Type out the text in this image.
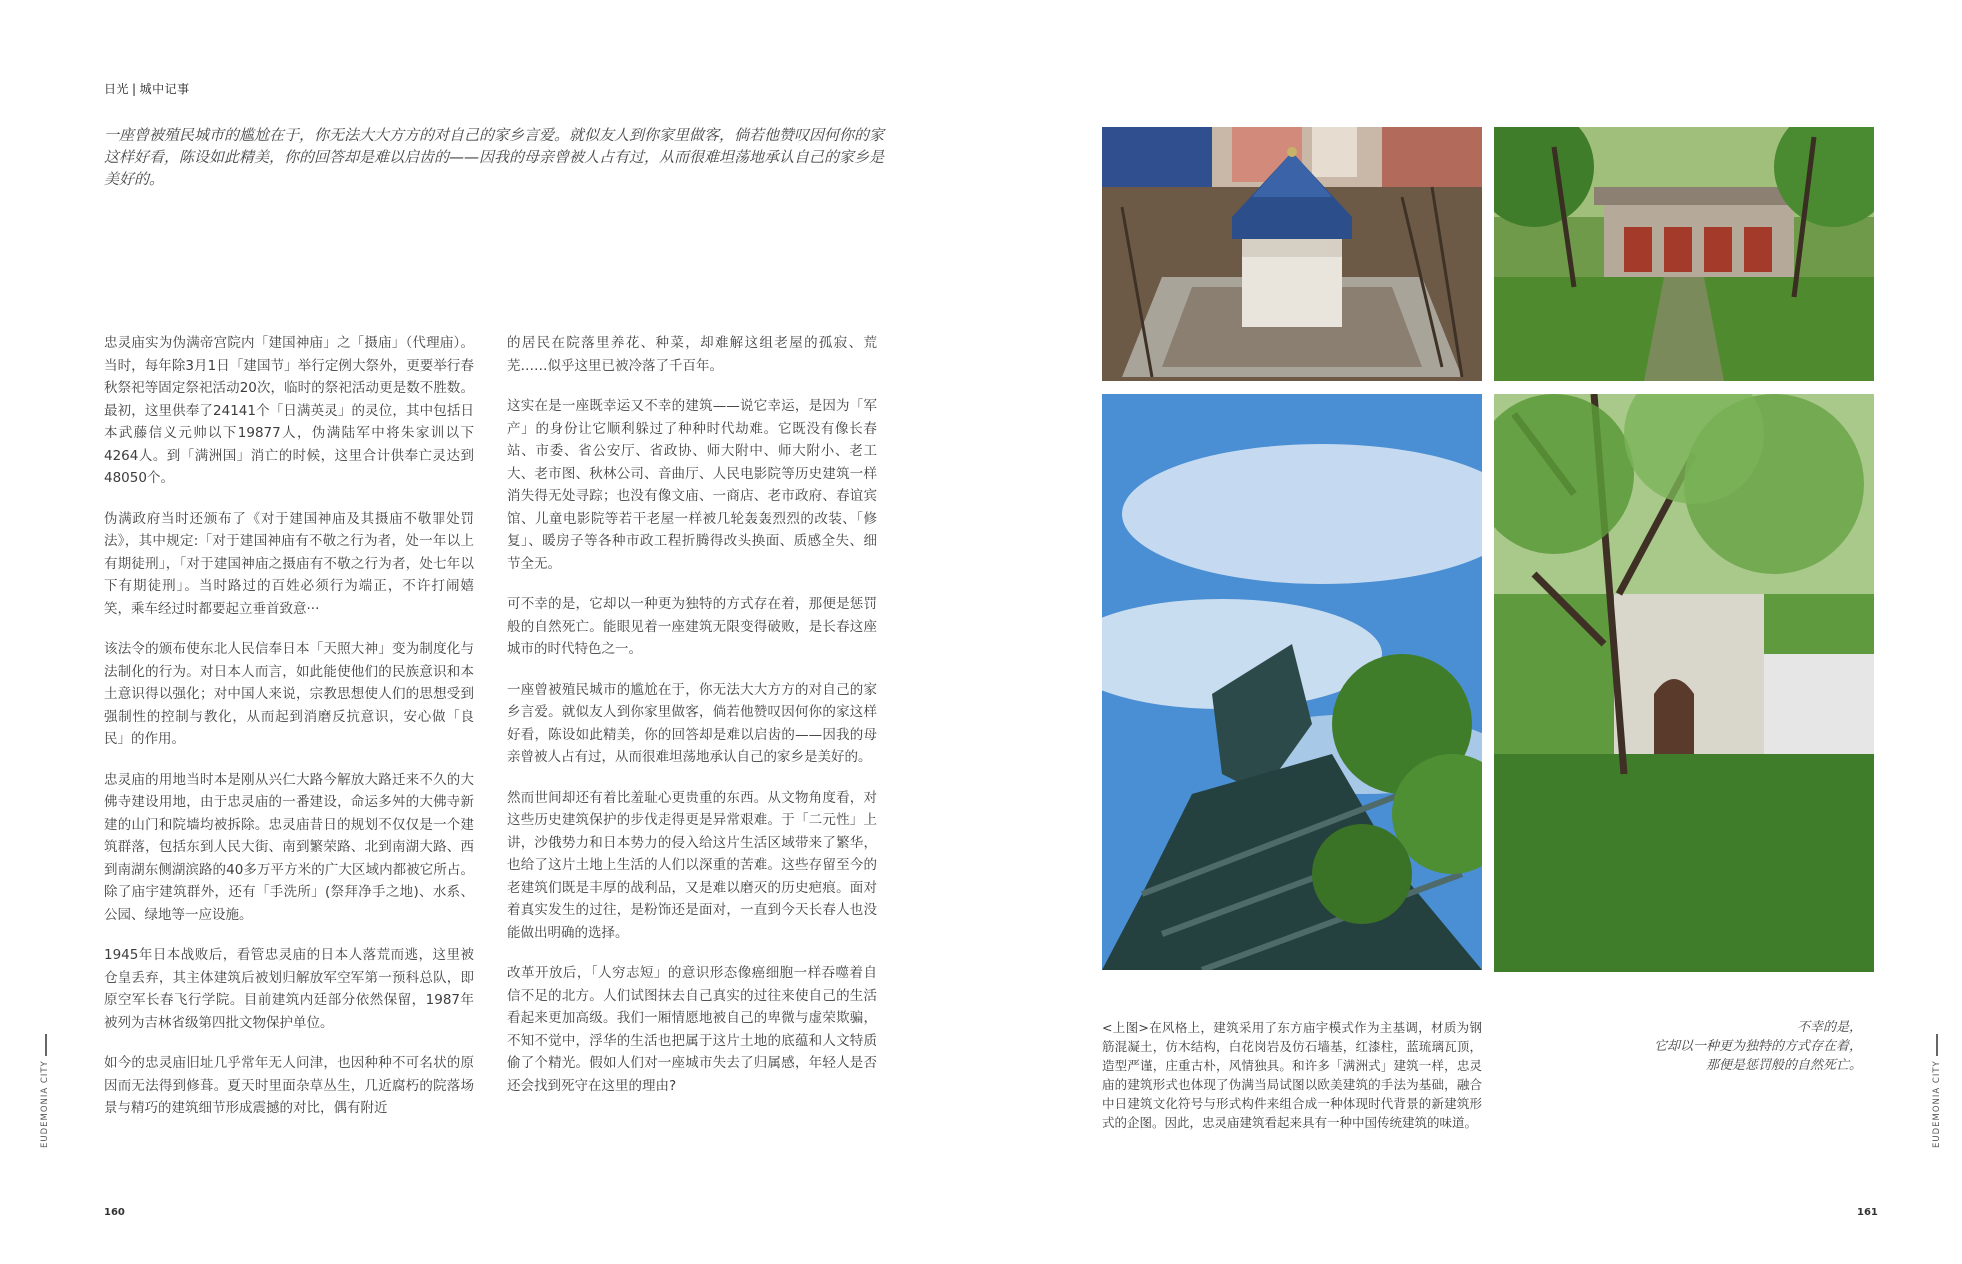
日光 | 城中记事

一座曾被殖民城市的尴尬在于，你无法大大方方的对自己的家乡言爱。就似友人到你家里做客，倘若他赞叹因何你的家这样好看，陈设如此精美，你的回答却是难以启齿的——因我的母亲曾被人占有过，从而很难坦荡地承认自己的家乡是美好的。

忠灵庙实为伪满帝宫院内「建国神庙」之「摄庙」（代理庙）。当时，每年除3月1日「建国节」举行定例大祭外，更要举行春秋祭祀等固定祭祀活动20次，临时的祭祀活动更是数不胜数。最初，这里供奉了24141个「日满英灵」的灵位，其中包括日本武藤信义元帅以下19877人，伪满陆军中将朱家训以下4264人。到「满洲国」消亡的时候，这里合计供奉亡灵达到48050个。

伪满政府当时还颁布了《对于建国神庙及其摄庙不敬罪处罚法》，其中规定:「对于建国神庙有不敬之行为者，处一年以上有期徒刑」，「对于建国神庙之摄庙有不敬之行为者，处七年以下有期徒刑」。当时路过的百姓必须行为端正，不许打闹嬉笑，乘车经过时都要起立垂首致意···

该法令的颁布使东北人民信奉日本「天照大神」变为制度化与法制化的行为。对日本人而言，如此能使他们的民族意识和本土意识得以强化；对中国人来说，宗教思想使人们的思想受到强制性的控制与教化，从而起到消磨反抗意识，安心做「良民」的作用。

忠灵庙的用地当时本是刚从兴仁大路今解放大路迁来不久的大佛寺建设用地，由于忠灵庙的一番建设，命运多舛的大佛寺新建的山门和院墙均被拆除。忠灵庙昔日的规划不仅仅是一个建筑群落，包括东到人民大街、南到繁荣路、北到南湖大路、西到南湖东侧湖滨路的40多万平方米的广大区域内都被它所占。除了庙宇建筑群外，还有「手洗所」(祭拜净手之地)、水系、公园、绿地等一应设施。

1945年日本战败后，看管忠灵庙的日本人落荒而逃，这里被仓皇丢弃，其主体建筑后被划归解放军空军第一预科总队，即原空军长春飞行学院。目前建筑内廷部分依然保留，1987年被列为吉林省级第四批文物保护单位。

如今的忠灵庙旧址几乎常年无人问津，也因种种不可名状的原因而无法得到修葺。夏天时里面杂草丛生，几近腐朽的院落场景与精巧的建筑细节形成震撼的对比，偶有附近

的居民在院落里养花、种菜，却难解这组老屋的孤寂、荒芜……似乎这里已被冷落了千百年。

这实在是一座既幸运又不幸的建筑——说它幸运，是因为「军产」的身份让它顺利躲过了种种时代劫难。它既没有像长春站、市委、省公安厅、省政协、师大附中、师大附小、老工大、老市图、秋林公司、音曲厅、人民电影院等历史建筑一样消失得无处寻踪；也没有像文庙、一商店、老市政府、春谊宾馆、儿童电影院等若干老屋一样被几轮轰轰烈烈的改装、「修复」、暖房子等各种市政工程折腾得改头换面、质感全失、细节全无。

可不幸的是，它却以一种更为独特的方式存在着，那便是惩罚般的自然死亡。能眼见着一座建筑无限变得破败，是长春这座城市的时代特色之一。

一座曾被殖民城市的尴尬在于，你无法大大方方的对自己的家乡言爱。就似友人到你家里做客，倘若他赞叹因何你的家这样好看，陈设如此精美，你的回答却是难以启齿的——因我的母亲曾被人占有过，从而很难坦荡地承认自己的家乡是美好的。

然而世间却还有着比羞耻心更贵重的东西。从文物角度看，对这些历史建筑保护的步伐走得更是异常艰难。于「二元性」上讲，沙俄势力和日本势力的侵入给这片生活区域带来了繁华，也给了这片土地上生活的人们以深重的苦难。这些存留至今的老建筑们既是丰厚的战利品，又是难以磨灭的历史疤痕。面对着真实发生的过往，是粉饰还是面对，一直到今天长春人也没能做出明确的选择。

改革开放后，「人穷志短」的意识形态像癌细胞一样吞噬着自信不足的北方。人们试图抹去自己真实的过往来使自己的生活看起来更加高级。我们一厢情愿地被自己的卑微与虚荣欺骗，不知不觉中，浮华的生活也把属于这片土地的底蕴和人文特质偷了个精光。假如人们对一座城市失去了归属感，年轻人是否还会找到死守在这里的理由?

<上图>在风格上，建筑采用了东方庙宇模式作为主基调，材质为钢筋混凝土，仿木结构，白花岗岩及仿石墙基，红漆柱，蓝琉璃瓦顶，造型严谨，庄重古朴，风情独具。和许多「满洲式」建筑一样，忠灵庙的建筑形式也体现了伪满当局试图以欧美建筑的手法为基础，融合中日建筑文化符号与形式构件来组合成一种体现时代背景的新建筑形式的企图。因此，忠灵庙建筑看起来具有一种中国传统建筑的味道。

不幸的是，
它却以一种更为独特的方式存在着，
那便是惩罚般的自然死亡。
EUDEMONIA CITY	EUDEMONIA CITY
160	161
